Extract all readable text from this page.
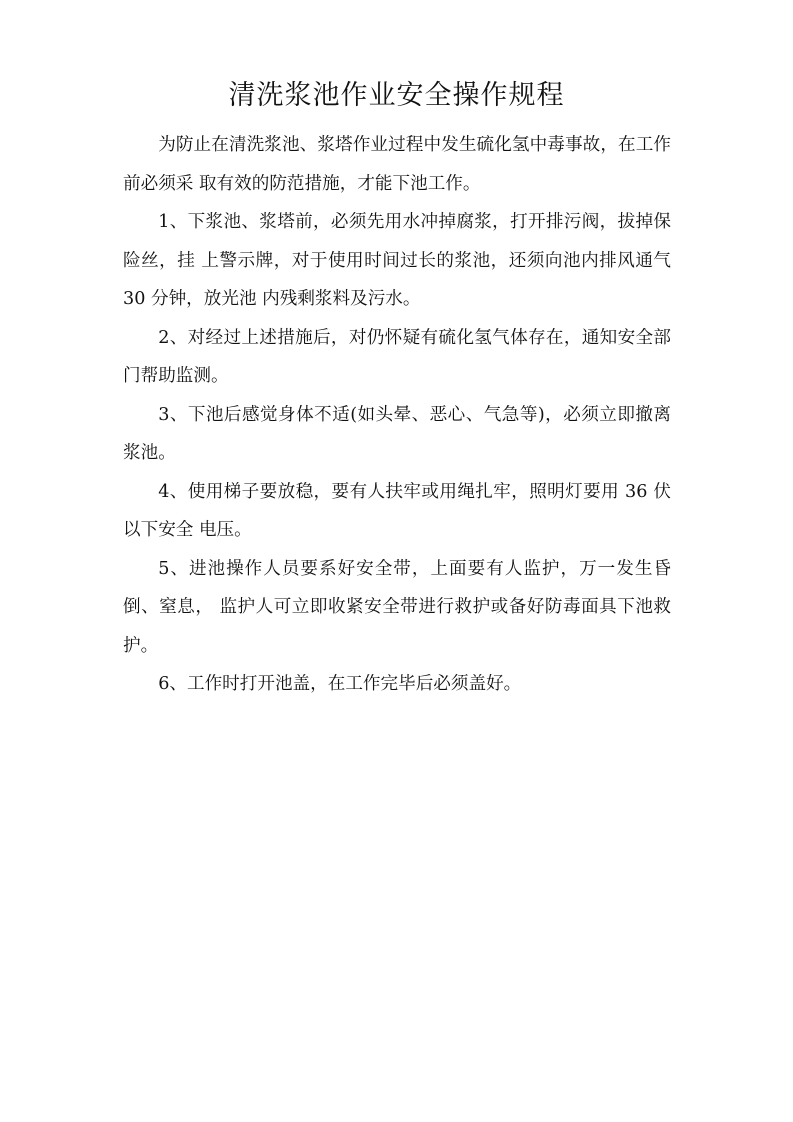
清洗浆池作业安全操作规程

为防止在清洗浆池、浆塔作业过程中发生硫化氢中毒事故，在工作前必须采 取有效的防范措施，才能下池工作。

1、下浆池、浆塔前，必须先用水冲掉腐浆，打开排污阀，拔掉保险丝，挂 上警示牌，对于使用时间过长的浆池，还须向池内排风通气 30 分钟，放光池 内残剩浆料及污水。

2、对经过上述措施后，对仍怀疑有硫化氢气体存在，通知安全部门帮助监测。

3、下池后感觉身体不适(如头晕、恶心、气急等)，必须立即撤离浆池。

4、使用梯子要放稳，要有人扶牢或用绳扎牢，照明灯要用 36 伏以下安全 电压。

5、进池操作人员要系好安全带，上面要有人监护，万一发生昏倒、窒息， 监护人可立即收紧安全带进行救护或备好防毒面具下池救护。

6、工作时打开池盖，在工作完毕后必须盖好。
